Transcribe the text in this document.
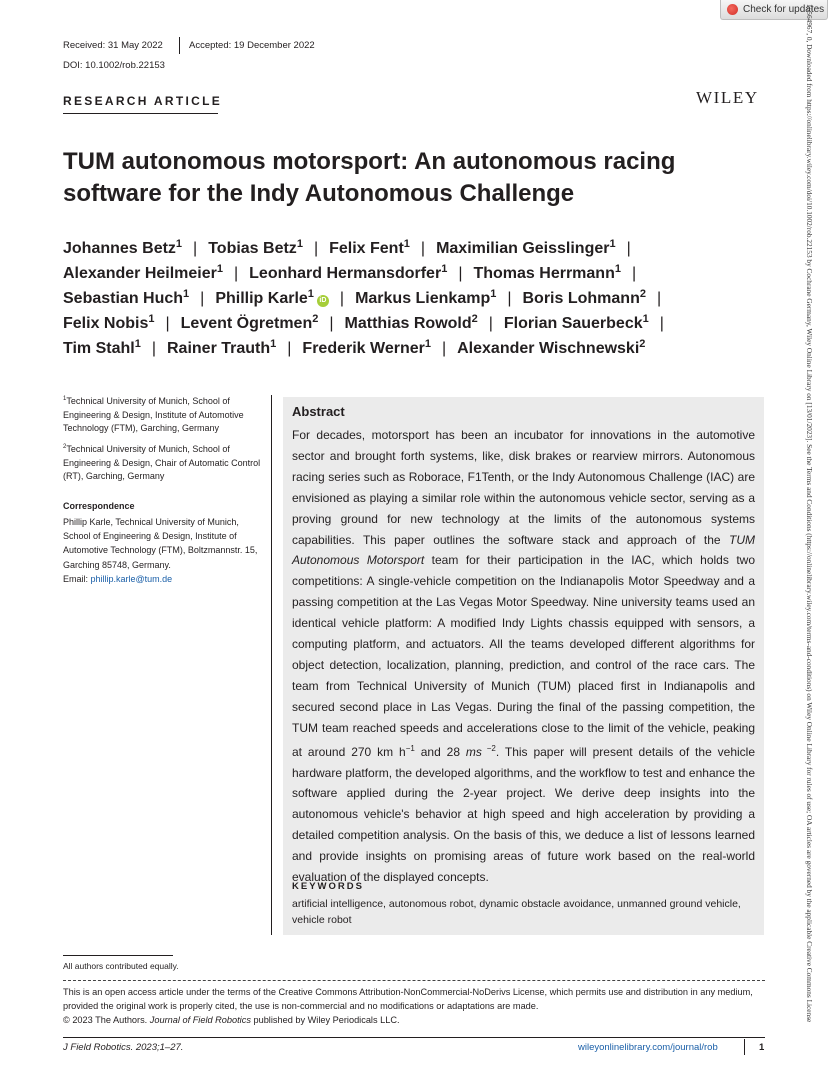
Check for updates
Received: 31 May 2022	Accepted: 19 December 2022
DOI: 10.1002/rob.22153
RESEARCH ARTICLE	WILEY
TUM autonomous motorsport: An autonomous racing software for the Indy Autonomous Challenge
Johannes Betz$^1$ | Tobias Betz$^1$ | Felix Fent$^1$ | Maximilian Geisslinger$^1$ |
Alexander Heilmeier$^1$ | Leonhard Hermansdorfer$^1$ | Thomas Herrmann$^1$ |
Sebastian Huch$^1$ | Phillip Karle$^1$iD | Markus Lienkamp$^1$ | Boris Lohmann$^2$ |
Felix Nobis$^1$ | Levent Ögretmen$^2$ | Matthias Rowold$^2$ | Florian Sauerbeck$^1$ |
Tim Stahl$^1$ | Rainer Trauth$^1$ | Frederik Werner$^1$ | Alexander Wischnewski$^2$
$^1$Technical University of Munich, School of Engineering & Design, Institute of Automotive Technology (FTM), Garching, Germany
$^2$Technical University of Munich, School of Engineering & Design, Chair of Automatic Control (RT), Garching, Germany
Correspondence
Phillip Karle, Technical University of Munich, School of Engineering & Design, Institute of Automotive Technology (FTM), Boltzmannstr. 15, Garching 85748, Germany.
Email: phillip.karle@tum.de
Abstract

For decades, motorsport has been an incubator for innovations in the automotive sector and brought forth systems, like, disk brakes or rearview mirrors. Autonomous racing series such as Roborace, F1Tenth, or the Indy Autonomous Challenge (IAC) are envisioned as playing a similar role within the autonomous vehicle sector, serving as a proving ground for new technology at the limits of the autonomous systems capabilities. This paper outlines the software stack and approach of the TUM Autonomous Motorsport team for their participation in the IAC, which holds two competitions: A single-vehicle competition on the Indianapolis Motor Speedway and a passing competition at the Las Vegas Motor Speedway. Nine university teams used an identical vehicle platform: A modified Indy Lights chassis equipped with sensors, a computing platform, and actuators. All the teams developed different algorithms for object detection, localization, planning, prediction, and control of the race cars. The team from Technical University of Munich (TUM) placed first in Indianapolis and secured second place in Las Vegas. During the final of the passing competition, the TUM team reached speeds and accelerations close to the limit of the vehicle, peaking at around 270 km $h^{-1}$ and 28 ms $^{-2}$. This paper will present details of the vehicle hardware platform, the developed algorithms, and the workflow to test and enhance the software applied during the 2-year project. We derive deep insights into the autonomous vehicle's behavior at high speed and high acceleration by providing a detailed competition analysis. On the basis of this, we deduce a list of lessons learned and provide insights on promising areas of future work based on the real-world evaluation of the displayed concepts.

KEYWORDS
artificial intelligence, autonomous robot, dynamic obstacle avoidance, unmanned ground vehicle, vehicle robot
All authors contributed equally.
This is an open access article under the terms of the Creative Commons Attribution-NonCommercial-NoDerivs License, which permits use and distribution in any medium, provided the original work is properly cited, the use is non-commercial and no modifications or adaptations are made.
© 2023 The Authors. Journal of Field Robotics published by Wiley Periodicals LLC.
J Field Robotics. 2023;1–27.	wileyonlinelibrary.com/journal/rob	1
15564967, 0, Downloaded from https://onlinelibrary.wiley.com/doi/10.1002/rob.22153 by Cochrane Germany, Wiley Online Library on [13/01/2023]. See the Terms and Conditions (https://onlinelibrary.wiley.com/terms-and-conditions) on Wiley Online Library for rules of use; OA articles are governed by the applicable Creative Commons License
